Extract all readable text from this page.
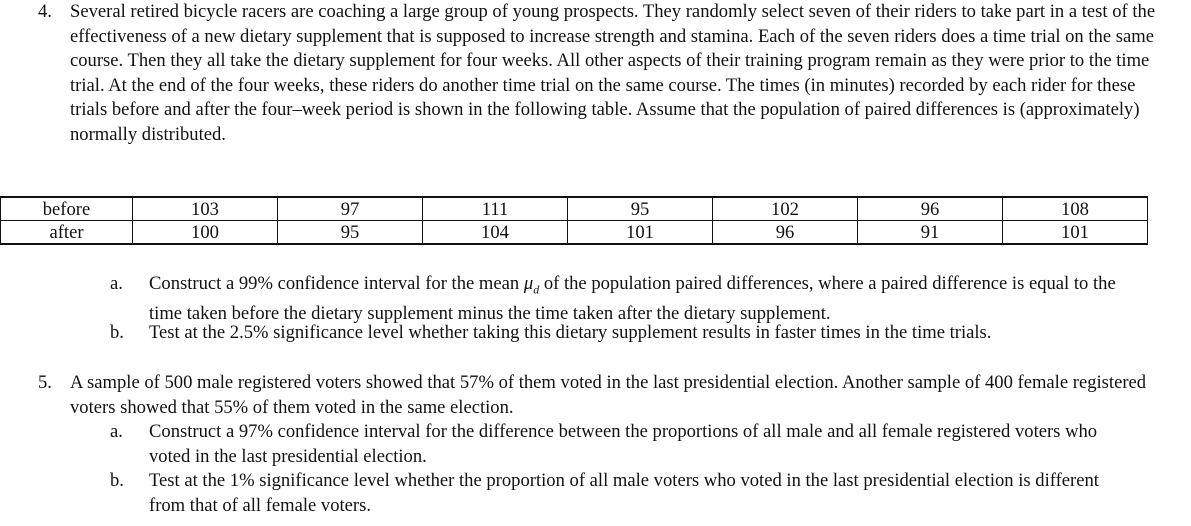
4. Several retired bicycle racers are coaching a large group of young prospects. They randomly select seven of their riders to take part in a test of the effectiveness of a new dietary supplement that is supposed to increase strength and stamina. Each of the seven riders does a time trial on the same course. Then they all take the dietary supplement for four weeks. All other aspects of their training program remain as they were prior to the time trial. At the end of the four weeks, these riders do another time trial on the same course. The times (in minutes) recorded by each rider for these trials before and after the four–week period is shown in the following table. Assume that the population of paired differences is (approximately) normally distributed.
before	103	97	111	95	102	96	108
after	100	95	104	101	96	91	101
a. Construct a 99% confidence interval for the mean $\mu_d$ of the population paired differences, where a paired difference is equal to the time taken before the dietary supplement minus the time taken after the dietary supplement.
b. Test at the 2.5% significance level whether taking this dietary supplement results in faster times in the time trials.
5. A sample of 500 male registered voters showed that 57% of them voted in the last presidential election. Another sample of 400 female registered voters showed that 55% of them voted in the same election.
a. Construct a 97% confidence interval for the difference between the proportions of all male and all female registered voters who voted in the last presidential election.
b. Test at the 1% significance level whether the proportion of all male voters who voted in the last presidential election is different from that of all female voters.
